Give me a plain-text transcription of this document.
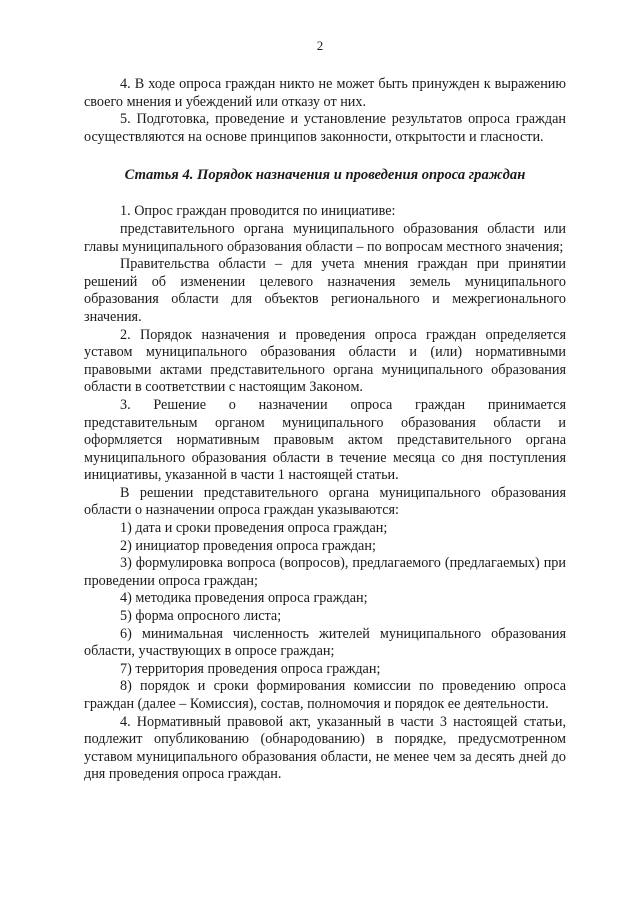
2

4. В ходе опроса граждан никто не может быть принужден к выражению своего мнения и убеждений или отказу от них.

5. Подготовка, проведение и установление результатов опроса граждан осуществляются на основе принципов законности, открытости и гласности.

Статья 4. Порядок назначения и проведения опроса граждан

1. Опрос граждан проводится по инициативе:

представительного органа муниципального образования области или главы муниципального образования области – по вопросам местного значения;

Правительства области – для учета мнения граждан при принятии решений об изменении целевого назначения земель муниципального образования области для объектов регионального и межрегионального значения.

2. Порядок назначения и проведения опроса граждан определяется уставом муниципального образования области и (или) нормативными правовыми актами представительного органа муниципального образования области в соответствии с настоящим Законом.

3. Решение о назначении опроса граждан принимается представительным органом муниципального образования области и оформляется нормативным правовым актом представительного органа муниципального образования области в течение месяца со дня поступления инициативы, указанной в части 1 настоящей статьи.

В решении представительного органа муниципального образования области о назначении опроса граждан указываются:

1) дата и сроки проведения опроса граждан;

2) инициатор проведения опроса граждан;

3) формулировка вопроса (вопросов), предлагаемого (предлагаемых) при проведении опроса граждан;

4) методика проведения опроса граждан;

5) форма опросного листа;

6) минимальная численность жителей муниципального образования области, участвующих в опросе граждан;

7) территория проведения опроса граждан;

8) порядок и сроки формирования комиссии по проведению опроса граждан (далее – Комиссия), состав, полномочия и порядок ее деятельности.

4. Нормативный правовой акт, указанный в части 3 настоящей статьи, подлежит опубликованию (обнародованию) в порядке, предусмотренном уставом муниципального образования области, не менее чем за десять дней до дня проведения опроса граждан.
